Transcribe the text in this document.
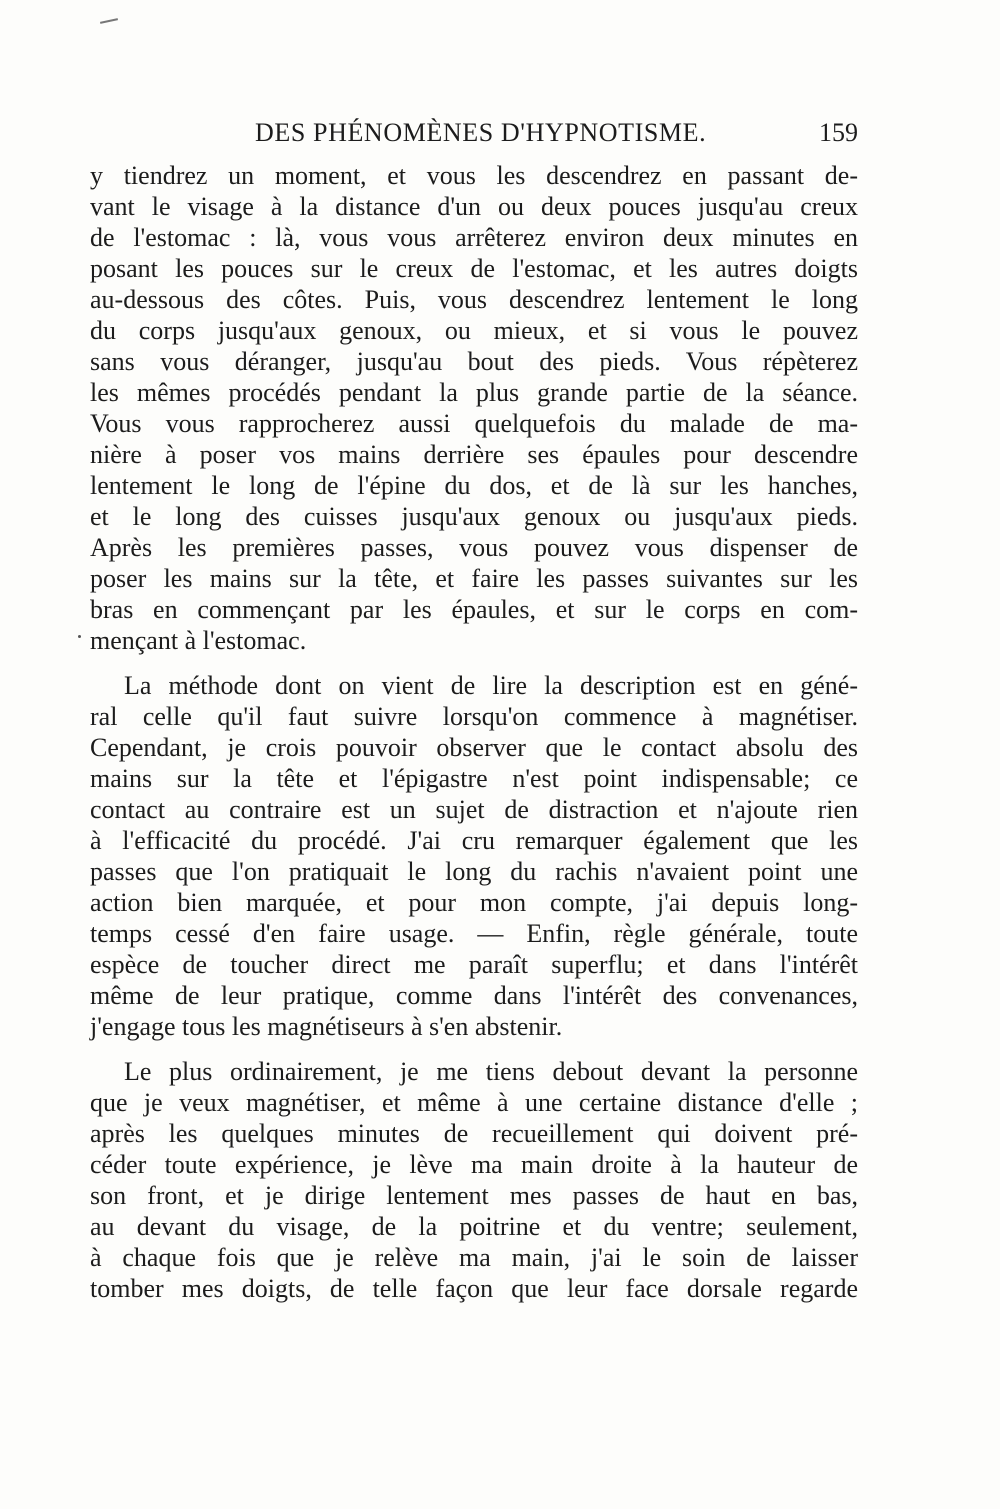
DES PHÉNOMÈNES D'HYPNOTISME.	159
y tiendrez un moment, et vous les descendrez en passant de-
vant le visage à la distance d'un ou deux pouces jusqu'au creux
de l'estomac : là, vous vous arrêterez environ deux minutes en
posant les pouces sur le creux de l'estomac, et les autres doigts
au-dessous des côtes. Puis, vous descendrez lentement le long
du corps jusqu'aux genoux, ou mieux, et si vous le pouvez
sans vous déranger, jusqu'au bout des pieds. Vous répèterez
les mêmes procédés pendant la plus grande partie de la séance.
Vous vous rapprocherez aussi quelquefois du malade de ma-
nière à poser vos mains derrière ses épaules pour descendre
lentement le long de l'épine du dos, et de là sur les hanches,
et le long des cuisses jusqu'aux genoux ou jusqu'aux pieds.
Après les premières passes, vous pouvez vous dispenser de
poser les mains sur la tête, et faire les passes suivantes sur les
bras en commençant par les épaules, et sur le corps en com-
mençant à l'estomac.
La méthode dont on vient de lire la description est en géné-
ral celle qu'il faut suivre lorsqu'on commence à magnétiser.
Cependant, je crois pouvoir observer que le contact absolu des
mains sur la tête et l'épigastre n'est point indispensable; ce
contact au contraire est un sujet de distraction et n'ajoute rien
à l'efficacité du procédé. J'ai cru remarquer également que les
passes que l'on pratiquait le long du rachis n'avaient point une
action bien marquée, et pour mon compte, j'ai depuis long-
temps cessé d'en faire usage. — Enfin, règle générale, toute
espèce de toucher direct me paraît superflu; et dans l'intérêt
même de leur pratique, comme dans l'intérêt des convenances,
j'engage tous les magnétiseurs à s'en abstenir.
Le plus ordinairement, je me tiens debout devant la personne
que je veux magnétiser, et même à une certaine distance d'elle ;
après les quelques minutes de recueillement qui doivent pré-
céder toute expérience, je lève ma main droite à la hauteur de
son front, et je dirige lentement mes passes de haut en bas,
au devant du visage, de la poitrine et du ventre; seulement,
à chaque fois que je relève ma main, j'ai le soin de laisser
tomber mes doigts, de telle façon que leur face dorsale regarde
